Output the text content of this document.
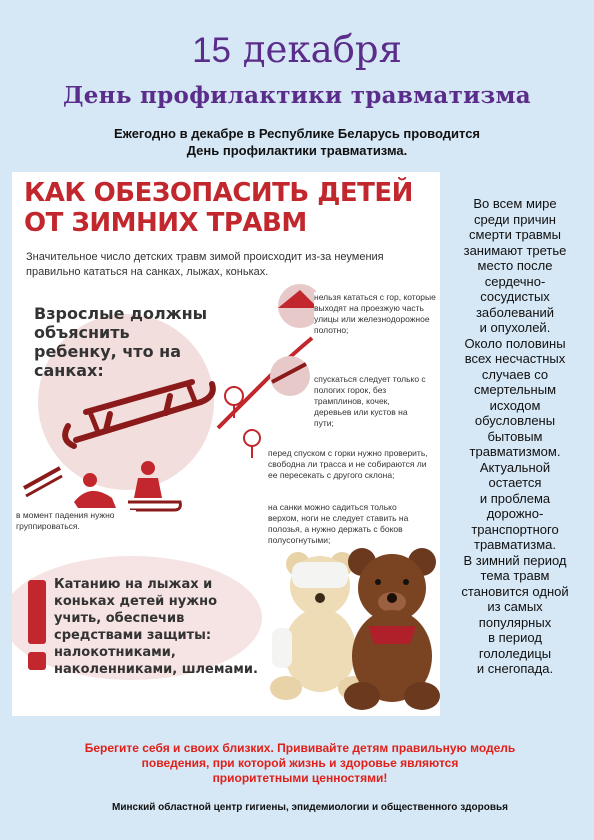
15 декабря
День профилактики травматизма
Ежегодно в декабре в Республике Беларусь проводится
День профилактики травматизма.
КАК ОБЕЗОПАСИТЬ ДЕТЕЙ
ОТ ЗИМНИХ ТРАВМ
Значительное число детских травм зимой происходит из-за неумения правильно кататься на санках, лыжах, коньках.
Взрослые должны объяснить ребенку, что на санках:
нельзя кататься с гор, которые выходят на проезжую часть улицы или железнодорожное полотно;
спускаться следует только с пологих горок, без трамплинов, кочек, деревьев или кустов на пути;
перед спуском с горки нужно проверить, свободна ли трасса и не собираются ли ее пересекать с другого склона;
на санки можно садиться только верхом, ноги не следует ставить на полозья, а нужно держать с боков полусогнутыми;
в момент падения нужно группироваться.
Катанию на лыжах и коньках детей нужно учить, обеспечив средствами защиты: налокотниками, наколенниками, шлемами.
Во всем мире
среди причин
смерти травмы
занимают третье
место после
сердечно-
сосудистых
заболеваний
и опухолей.
Около половины
всех несчастных
случаев со
смертельным
исходом
обусловлены
бытовым
травматизмом.
Актуальной
остается
и проблема
дорожно-
транспортного
травматизма.
В зимний период
тема травм
становится одной
из самых
популярных
в период
гололедицы
и снегопада.
Берегите себя и своих близких. Прививайте детям правильную модель
поведения, при которой жизнь и здоровье являются
приоритетными ценностями!
Минский областной центр гигиены, эпидемиологии и общественного здоровья
